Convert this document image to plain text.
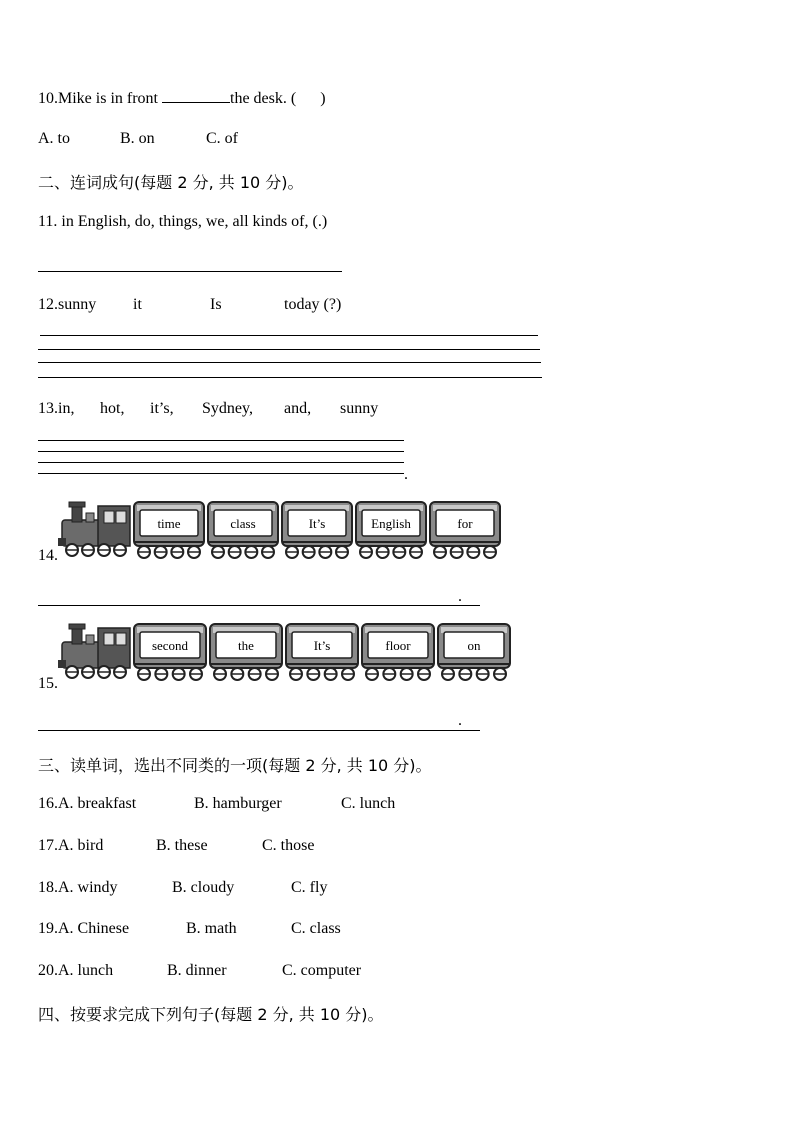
10.Mike is in front	the desk. ( )
A. to	B. on	C. of
二、连词成句(每题 2 分, 共 10 分)。
11. in English, do, things, we, all kinds of, (.)
12.sunny it	Is	today (?)
13.in, hot, it’s, Sydney, and, sunny
.
14.
time	class	It’s	English	for
.
15.
second	the	It’s	floor	on
.
三、读单词，选出不同类的一项(每题 2 分, 共 10 分)。
16.A. breakfast	B. hamburger	C. lunch
17.A. bird	B. these	C. those
18.A. windy	B. cloudy	C. fly
19.A. Chinese	B. math	C. class
20.A. lunch	B. dinner	C. computer
四、按要求完成下列句子(每题 2 分, 共 10 分)。
